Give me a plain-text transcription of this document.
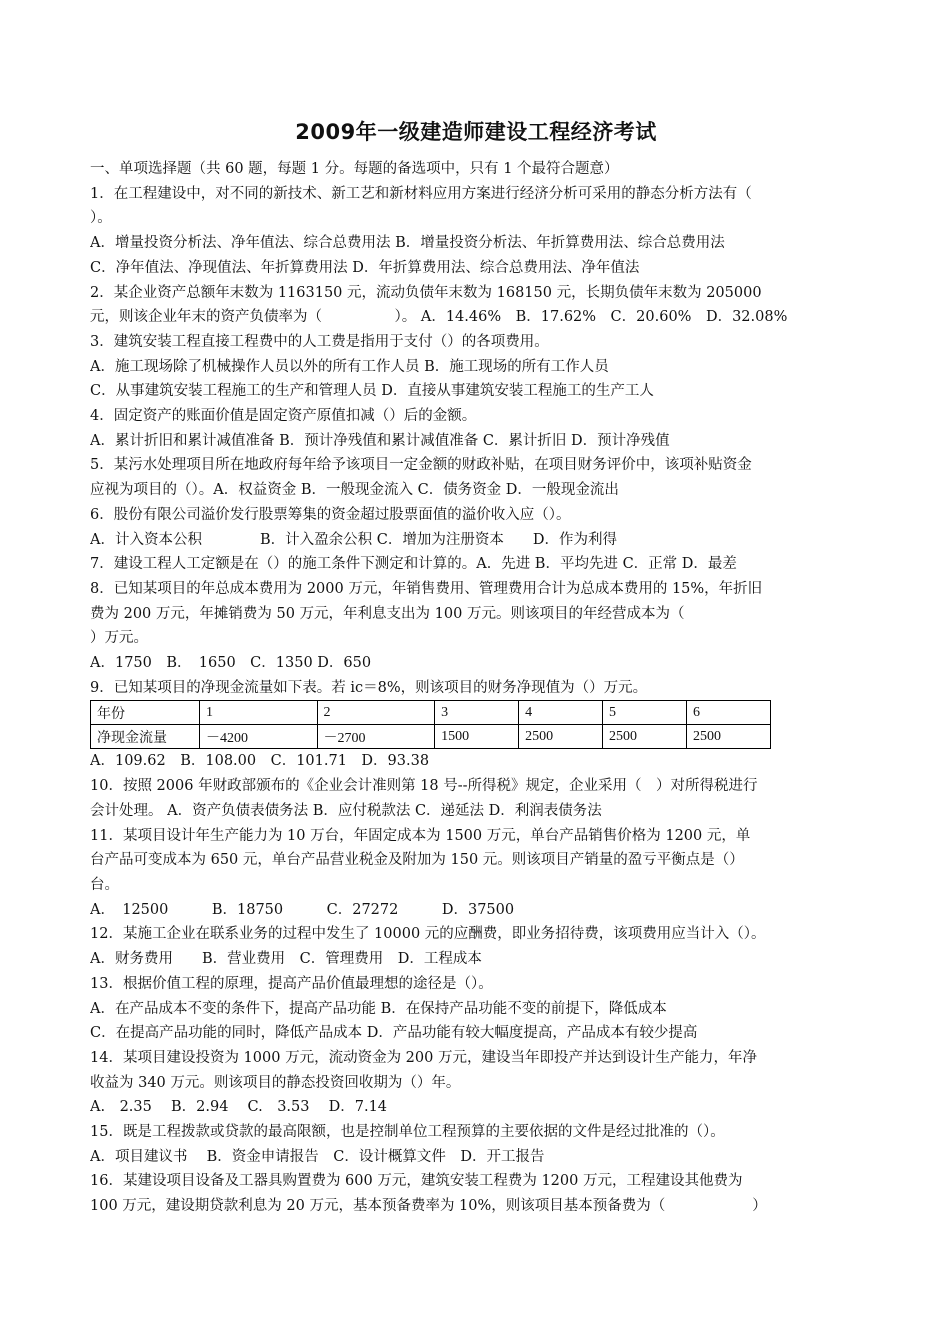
2009年一级建造师建设工程经济考试
一、单项选择题（共 60 题，每题 1 分。每题的备选项中，只有 1 个最符合题意）
1．在工程建设中，对不同的新技术、新工艺和新材料应用方案进行经济分析可采用的静态分析方法有（
）。
A．增量投资分析法、净年值法、综合总费用法 B．增量投资分析法、年折算费用法、综合总费用法
C．净年值法、净现值法、年折算费用法 D．年折算费用法、综合总费用法、净年值法
2．某企业资产总额年末数为 1163150 元，流动负债年末数为 168150 元，长期负债年末数为 205000
元，则该企业年末的资产负债率为（　　　　　）。 A．14.46%　B．17.62%　C．20.60%　D．32.08%
3．建筑安装工程直接工程费中的人工费是指用于支付（）的各项费用。
A．施工现场除了机械操作人员以外的所有工作人员 B．施工现场的所有工作人员
C．从事建筑安装工程施工的生产和管理人员 D．直接从事建筑安装工程施工的生产工人
4．固定资产的账面价值是固定资产原值扣减（）后的金额。
A．累计折旧和累计减值准备 B．预计净残值和累计减值准备 C．累计折旧 D．预计净残值
5．某污水处理项目所在地政府每年给予该项目一定金额的财政补贴，在项目财务评价中，该项补贴资金
应视为项目的（）。A．权益资金 B．一般现金流入 C．债务资金 D．一般现金流出
6．股份有限公司溢价发行股票筹集的资金超过股票面值的溢价收入应（）。
A．计入资本公积　　　　B．计入盈余公积 C．增加为注册资本　　D．作为利得
7．建设工程人工定额是在（）的施工条件下测定和计算的。A．先进 B．平均先进 C．正常 D．最差
8．已知某项目的年总成本费用为 2000 万元，年销售费用、管理费用合计为总成本费用的 15%，年折旧
费为 200 万元，年摊销费为 50 万元，年利息支出为 100 万元。则该项目的年经营成本为（
）万元。
A．1750　B．　1650　C．1350 D．650
9．已知某项目的净现金流量如下表。若 ic＝8%，则该项目的财务净现值为（）万元。
年份	1	2	3	4	5	6
净现金流量	－4200	－2700	1500	2500	2500	2500
A．109.62　B．108.00　C．101.71　D．93.38
10．按照 2006 年财政部颁布的《企业会计准则第 18 号--所得税》规定，企业采用（　）对所得税进行
会计处理。 A．资产负债表债务法 B．应付税款法 C．递延法 D．利润表债务法
11．某项目设计年生产能力为 10 万台，年固定成本为 1500 万元，单台产品销售价格为 1200 元，单
台产品可变成本为 650 元，单台产品营业税金及附加为 150 元。则该项目产销量的盈亏平衡点是（）
台。
A．　12500　　　B．18750　　　C．27272　　　D．37500
12．某施工企业在联系业务的过程中发生了 10000 元的应酬费，即业务招待费，该项费用应当计入（）。
A．财务费用　　B．营业费用　C．管理费用　D．工程成本
13．根据价值工程的原理，提高产品价值最理想的途径是（）。
A．在产品成本不变的条件下，提高产品功能 B．在保持产品功能不变的前提下，降低成本
C．在提高产品功能的同时，降低产品成本 D．产品功能有较大幅度提高，产品成本有较少提高
14．某项目建设投资为 1000 万元，流动资金为 200 万元，建设当年即投产并达到设计生产能力，年净
收益为 340 万元。则该项目的静态投资回收期为（）年。
A.　2.35　 B．2.94　 C.　3.53　 D．7.14
15．既是工程拨款或贷款的最高限额，也是控制单位工程预算的主要依据的文件是经过批准的（）。
A．项目建议书　 B．资金申请报告　C．设计概算文件　D．开工报告
16．某建设项目设备及工器具购置费为 600 万元，建筑安装工程费为 1200 万元，工程建设其他费为
100 万元，建设期贷款利息为 20 万元，基本预备费率为 10%，则该项目基本预备费为（　　　　　　）
